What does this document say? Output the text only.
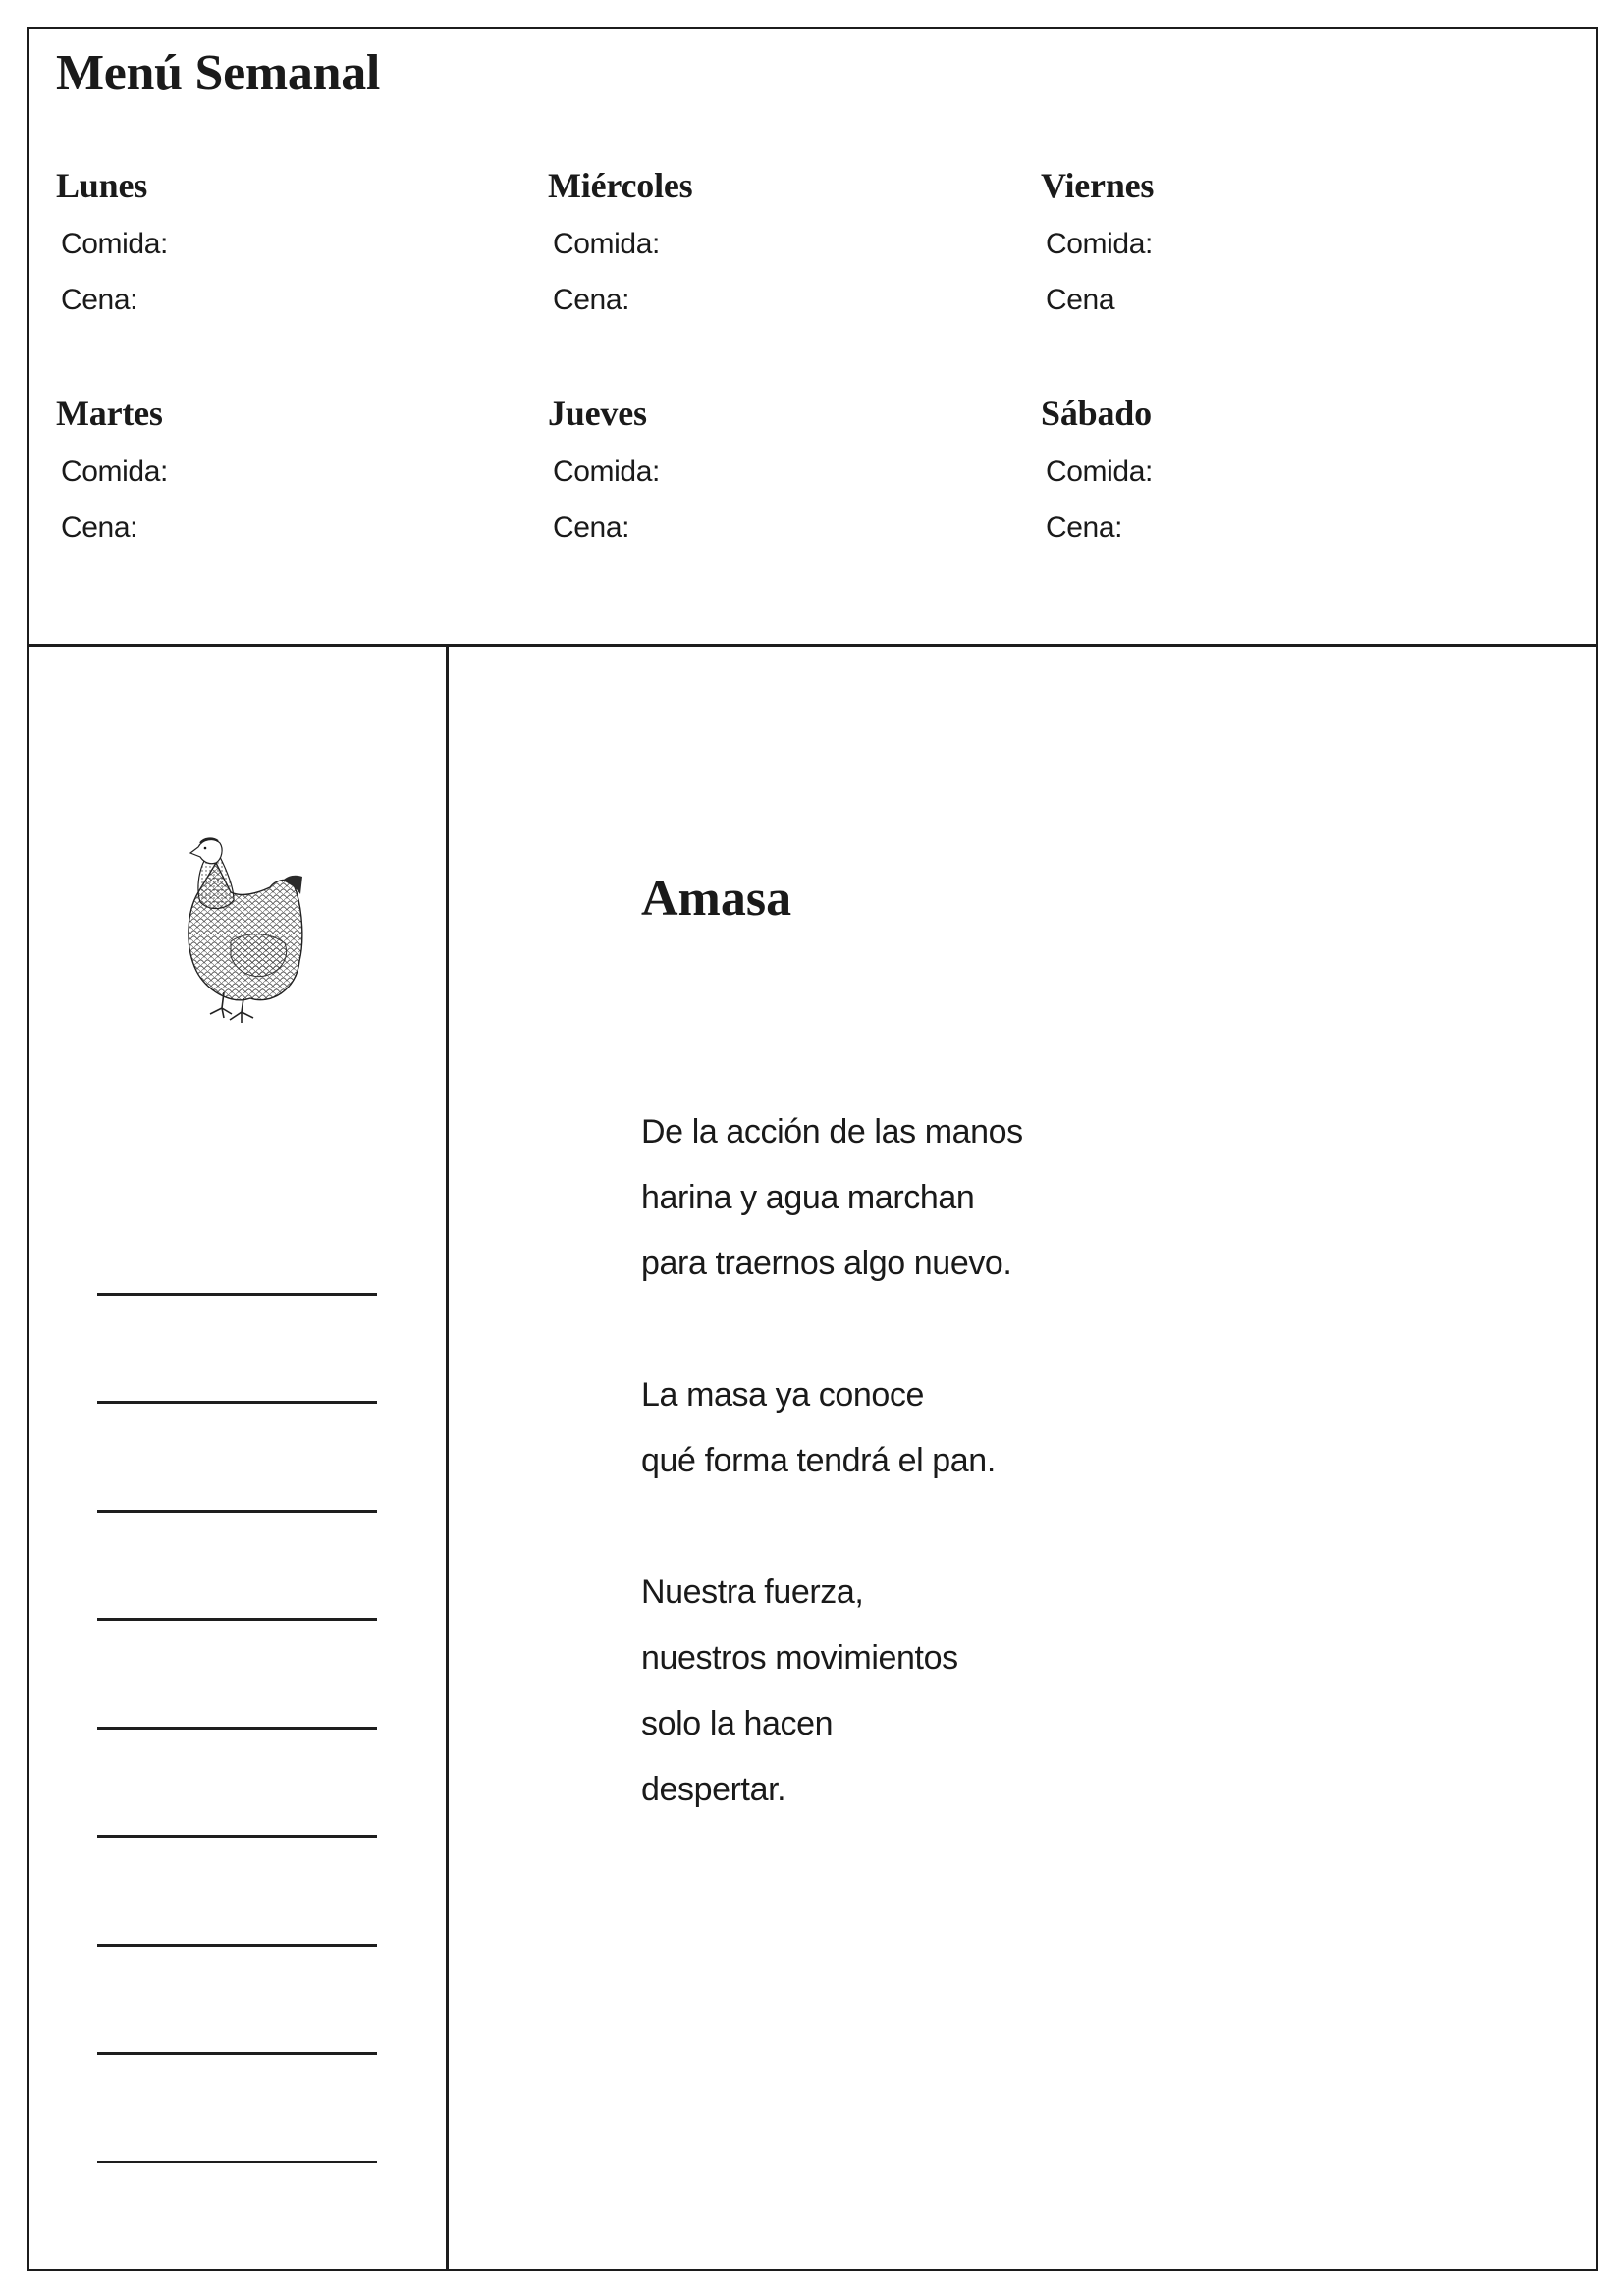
Menú Semanal
Lunes
Comida:
Cena:
Miércoles
Comida:
Cena:
Viernes
Comida:
Cena
Martes
Comida:
Cena:
Jueves
Comida:
Cena:
Sábado
Comida:
Cena:
Amasa
De la acción de las manos
harina y agua marchan
para traernos algo nuevo.
La masa ya conoce
qué forma tendrá el pan.
Nuestra fuerza,
nuestros movimientos
solo la hacen
despertar.
